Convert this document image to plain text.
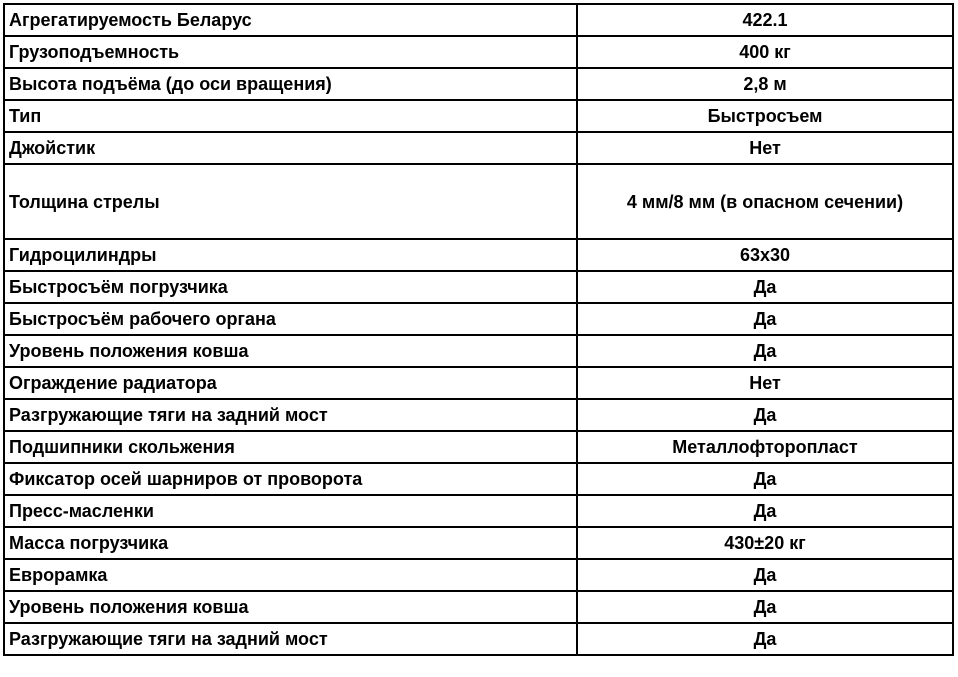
Агрегатируемость Беларус	422.1
Грузоподъемность	400 кг
Высота подъёма (до оси вращения)	2,8 м
Тип	Быстросъем
Джойстик	Нет
Толщина стрелы	4 мм/8 мм (в опасном сечении)
Гидроцилиндры	63х30
Быстросъём погрузчика	Да
Быстросъём рабочего органа	Да
Уровень положения ковша	Да
Ограждение радиатора	Нет
Разгружающие тяги на задний мост	Да
Подшипники скольжения	Металлофторопласт
Фиксатор осей шарниров от проворота	Да
Пресс-масленки	Да
Масса погрузчика	430±20 кг
Еврорамка	Да
Уровень положения ковша	Да
Разгружающие тяги на задний мост	Да
